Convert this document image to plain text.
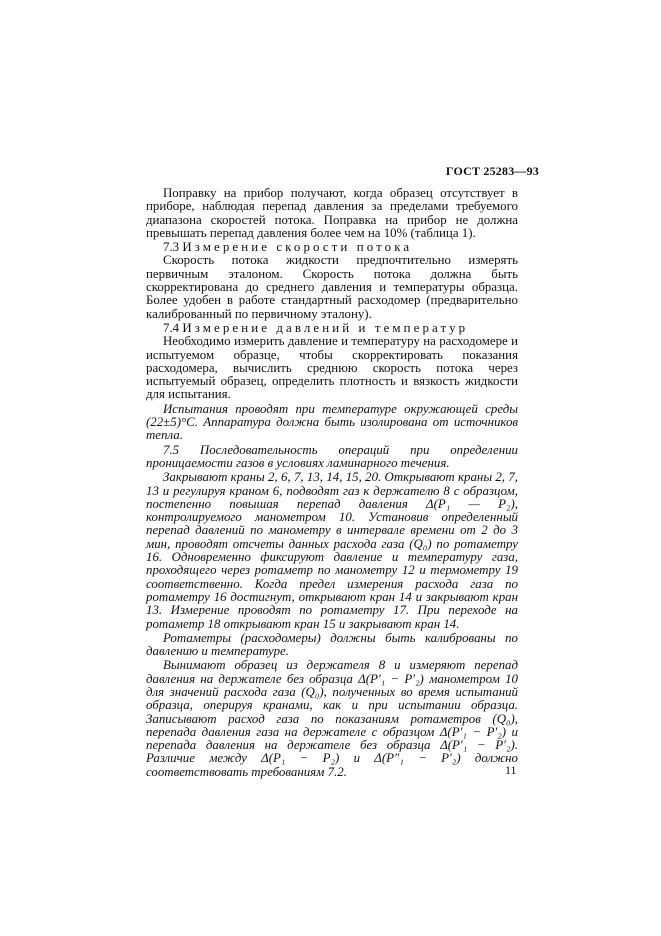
ГОСТ 25283—93

Поправку на прибор получают, когда образец отсутствует в приборе, наблюдая перепад давления за пределами требуемого диапазона скоростей потока. Поправка на прибор не должна превышать перепад давления более чем на 10% (таблица 1).

7.3 Измерение скорости потока

Скорость потока жидкости предпочтительно измерять первичным эталоном. Скорость потока должна быть скорректирована до среднего давления и температуры образца. Более удобен в работе стандартный расходомер (предварительно калиброванный по первичному эталону).

7.4 Измерение давлений и температур

Необходимо измерить давление и температуру на расходомере и испытуемом образце, чтобы скорректировать показания расходомера, вычислить среднюю скорость потока через испытуемый образец, определить плотность и вязкость жидкости для испытания.

Испытания проводят при температуре окружающей среды (22±5)°С. Аппаратура должна быть изолирована от источников тепла.

7.5 Последовательность операций при определении проницаемости газов в условиях ламинарного течения.

Закрывают краны 2, 6, 7, 13, 14, 15, 20. Открывают краны 2, 7, 13 и регулируя краном 6, подводят газ к держателю 8 с образцом, постепенно повышая перепад давления Δ(P₁ — P₂), контролируемого манометром 10. Установив определенный перепад давлений по манометру в интервале времени от 2 до 3 мин, проводят отсчеты данных расхода газа (Q₀) по ротаметру 16. Одновременно фиксируют давление и температуру газа, проходящего через ротаметр по манометру 12 и термометру 19 соответственно. Когда предел измерения расхода газа по ротаметру 16 достигнут, открывают кран 14 и закрывают кран 13. Измерение проводят по ротаметру 17. При переходе на ротаметр 18 открывают кран 15 и закрывают кран 14.

Ротаметры (расходомеры) должны быть калиброваны по давлению и температуре.

Вынимают образец из держателя 8 и измеряют перепад давления на держателе без образца Δ(P′₁ − P′₂) манометром 10 для значений расхода газа (Q₀), полученных во время испытаний образца, оперируя кранами, как и при испытании образца. Записывают расход газа по показаниям ротаметров (Q₀), перепада давления газа на держателе с образцом Δ(P′₁ − P′₂) и перепада давления на держателе без образца Δ(P′₁ − P′₂). Различие между Δ(P₁ − P₂) и Δ(P″₁ − P′₂) должно соответствовать требованиям 7.2.	11
